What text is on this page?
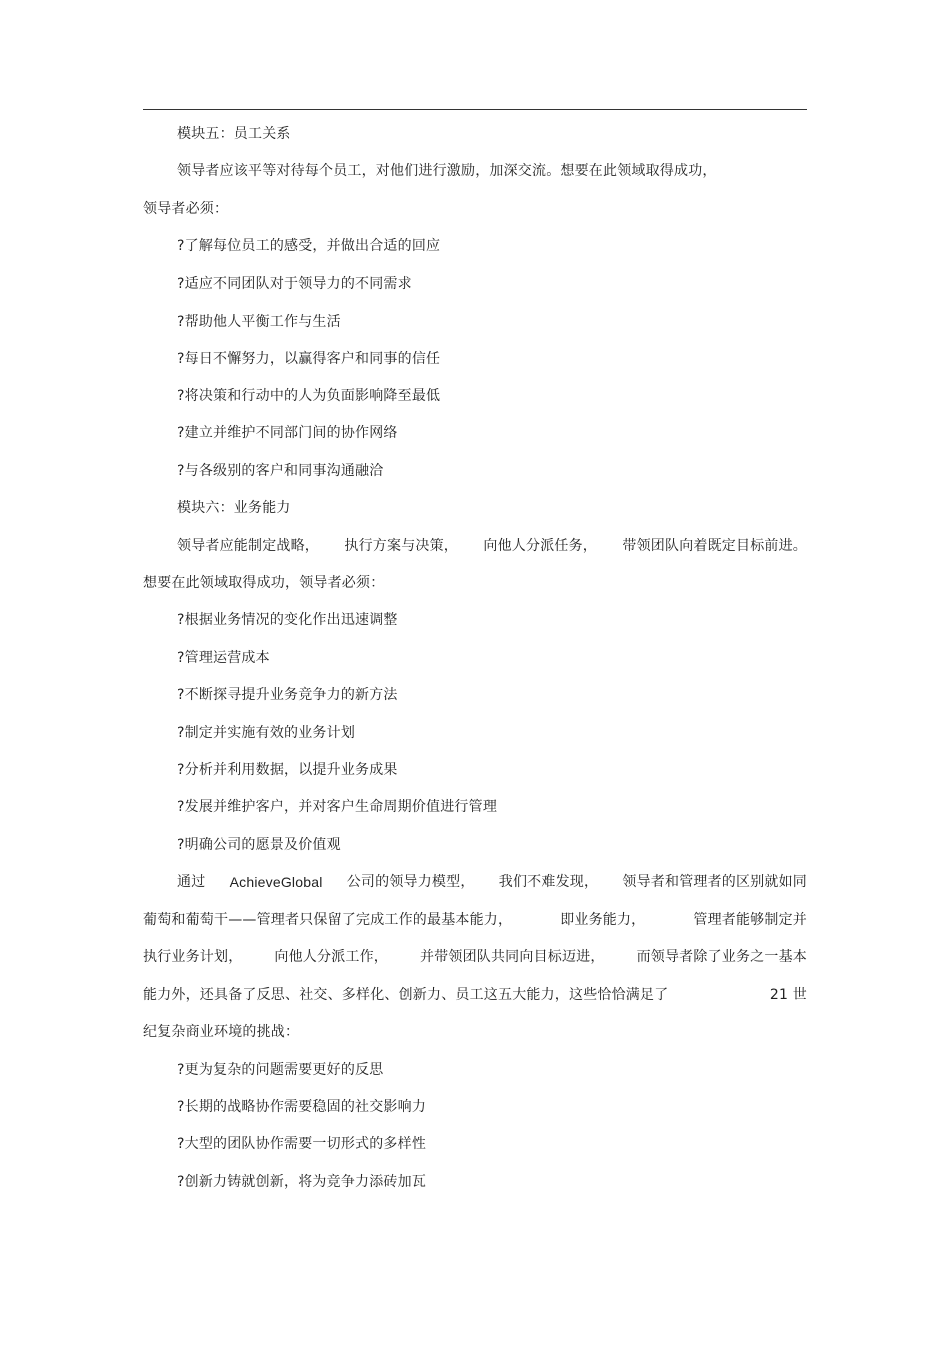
模块五：员工关系
领导者应该平等对待每个员工，对他们进行激励，加深交流。想要在此领域取得成功，
领导者必须：
?了解每位员工的感受，并做出合适的回应
?适应不同团队对于领导力的不同需求
?帮助他人平衡工作与生活
?每日不懈努力，以赢得客户和同事的信任
?将决策和行动中的人为负面影响降至最低
?建立并维护不同部门间的协作网络
?与各级别的客户和同事沟通融洽
模块六：业务能力
领导者应能制定战略， 执行方案与决策， 向他人分派任务， 带领团队向着既定目标前进。
想要在此领域取得成功，领导者必须：
?根据业务情况的变化作出迅速调整
?管理运营成本
?不断探寻提升业务竞争力的新方法
?制定并实施有效的业务计划
?分析并利用数据，以提升业务成果
?发展并维护客户，并对客户生命周期价值进行管理
?明确公司的愿景及价值观
通过 AchieveGlobal 公司的领导力模型， 我们不难发现， 领导者和管理者的区别就如同
葡萄和葡萄干——管理者只保留了完成工作的最基本能力，	即业务能力，	管理者能够制定并
执行业务计划， 向他人分派工作， 并带领团队共同向目标迈进， 而领导者除了业务之一基本
能力外，还具备了反思、社交、多样化、创新力、员工这五大能力，这些恰恰满足了	21 世
纪复杂商业环境的挑战：
?更为复杂的问题需要更好的反思
?长期的战略协作需要稳固的社交影响力
?大型的团队协作需要一切形式的多样性
?创新力铸就创新，将为竞争力添砖加瓦
